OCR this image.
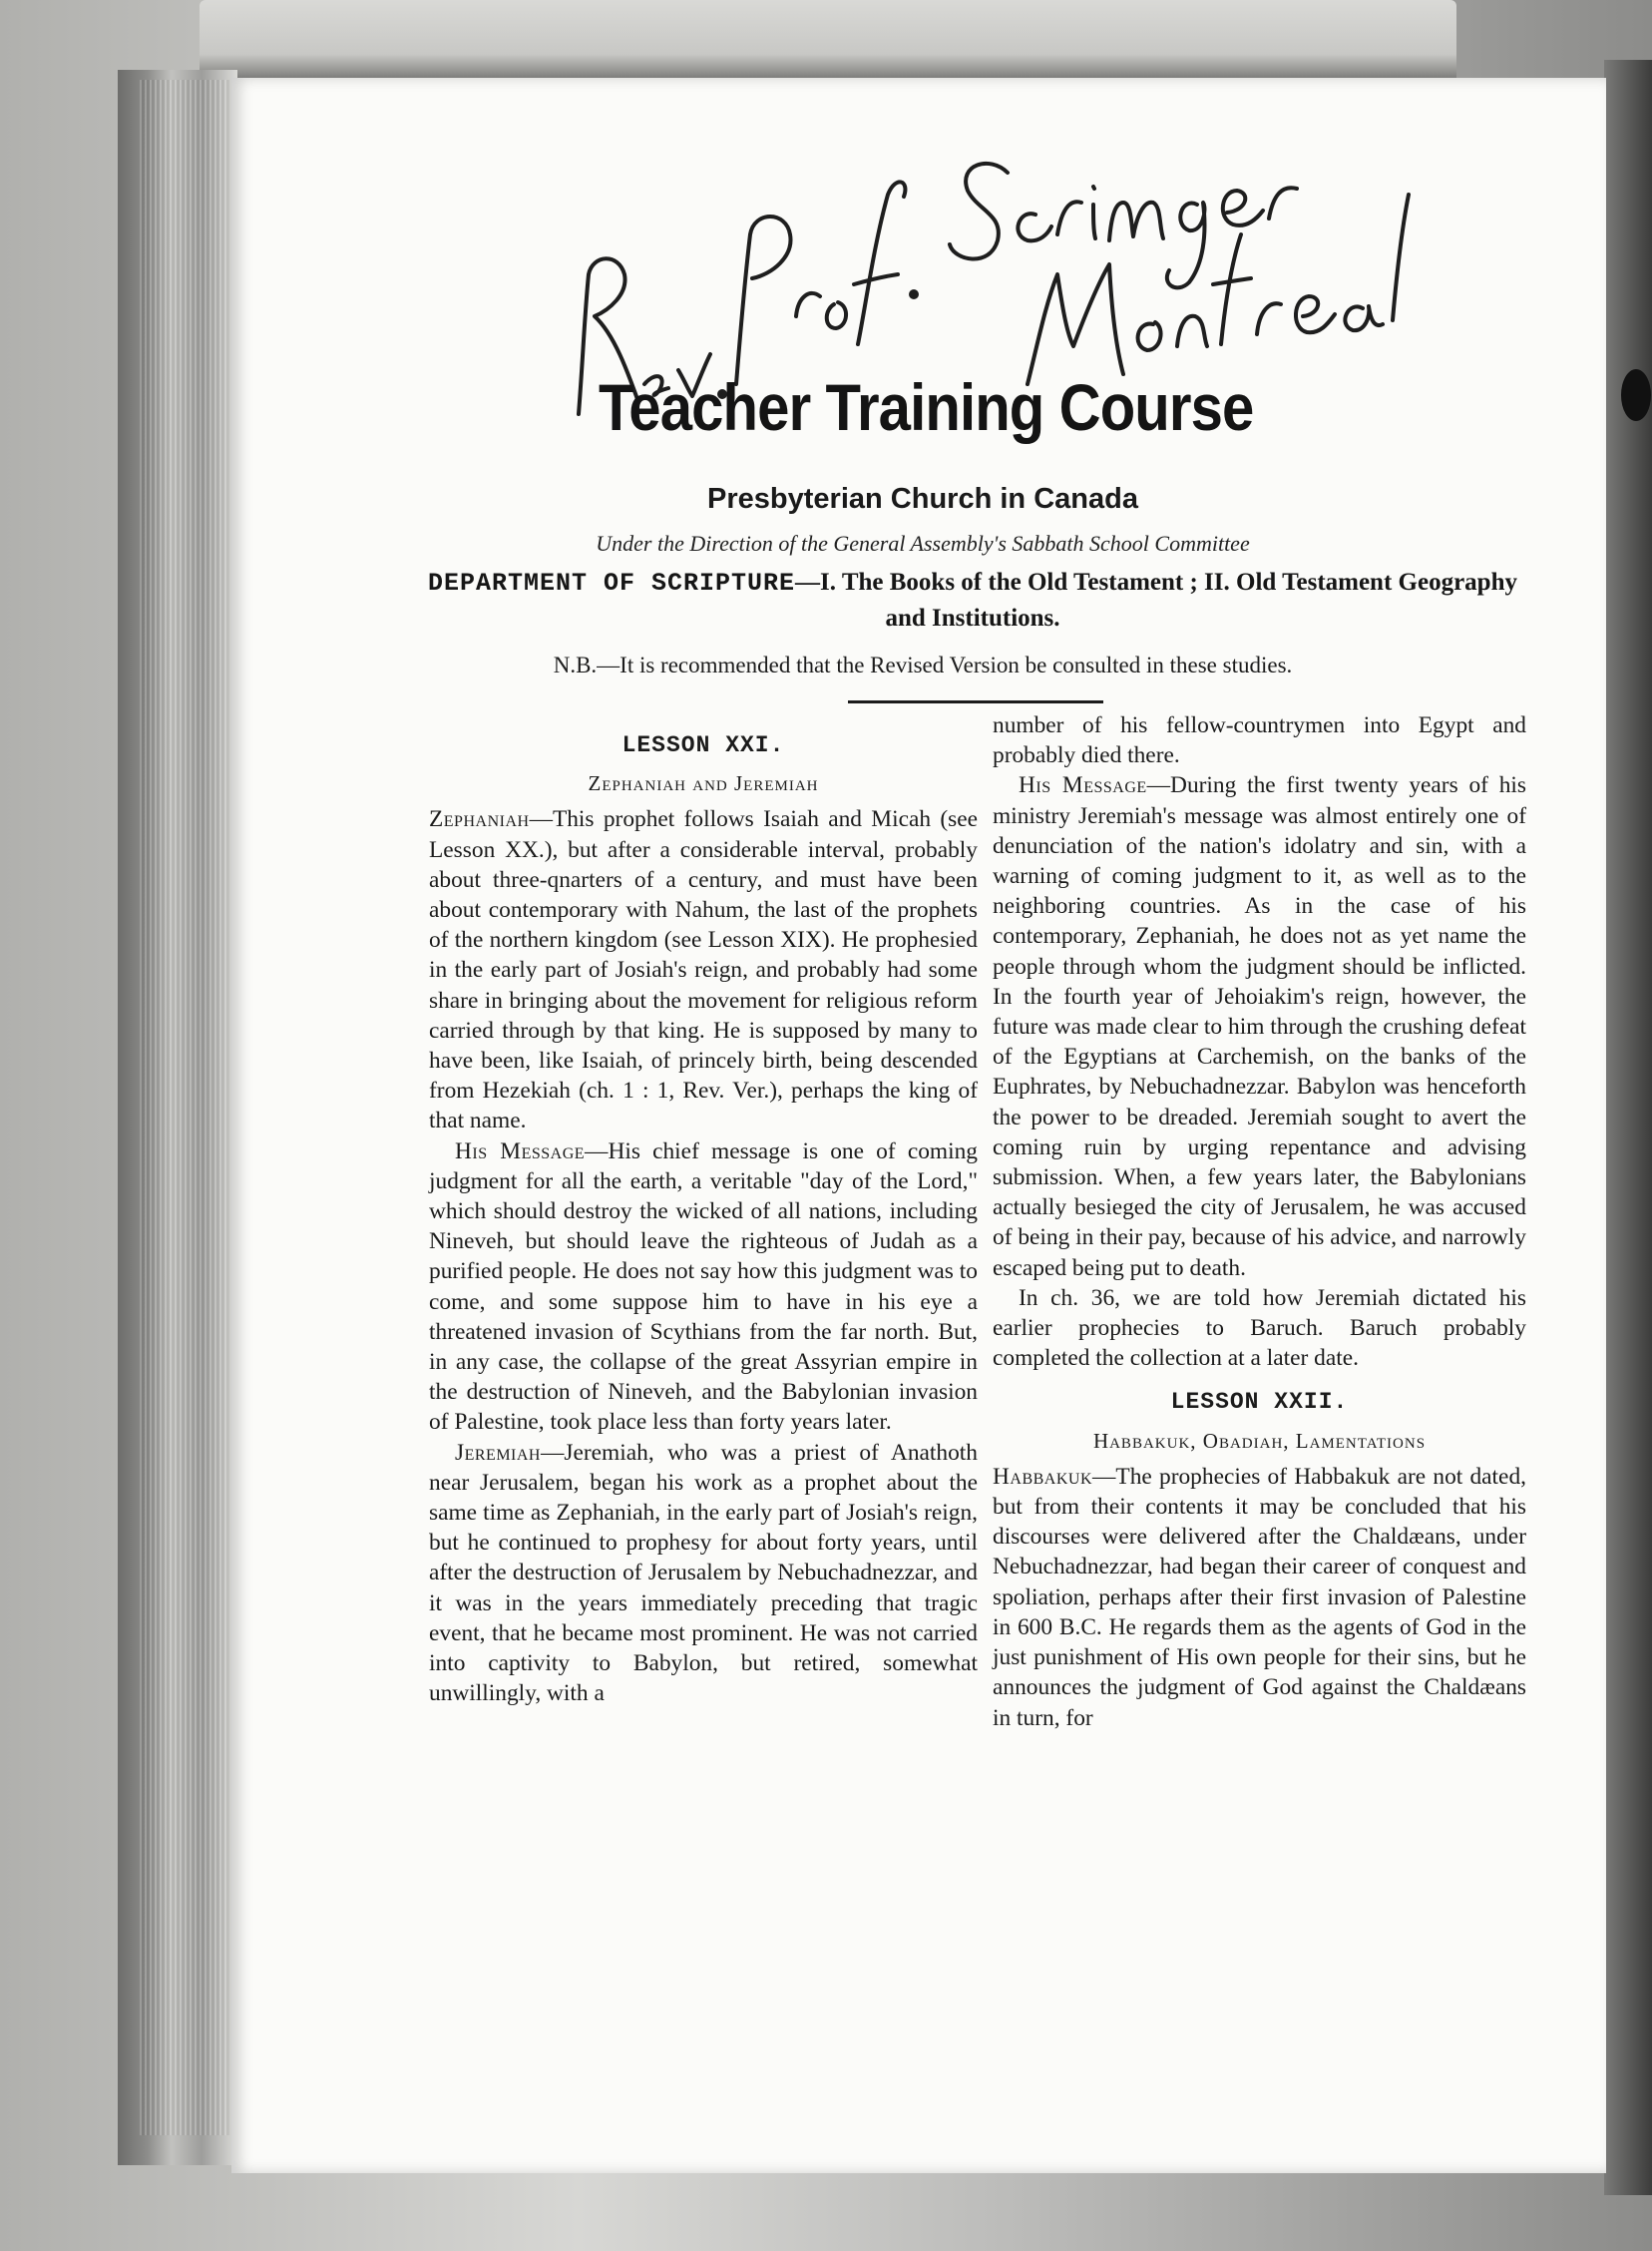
Teacher Training Course
Presbyterian Church in Canada
Under the Direction of the General Assembly's Sabbath School Committee
DEPARTMENT OF SCRIPTURE—I. The Books of the Old Testament ; II. Old Testament Geography and Institutions.
N.B.—It is recommended that the Revised Version be consulted in these studies.
LESSON XXI.
Zephaniah and Jeremiah

Zephaniah—This prophet follows Isaiah and Micah (see Lesson XX.), but after a considerable interval, probably about three-qnarters of a century, and must have been about contemporary with Nahum, the last of the prophets of the northern kingdom (see Lesson XIX). He prophesied in the early part of Josiah's reign, and probably had some share in bringing about the movement for religious reform carried through by that king. He is supposed by many to have been, like Isaiah, of princely birth, being descended from Hezekiah (ch. 1 : 1, Rev. Ver.), perhaps the king of that name.

His Message—His chief message is one of coming judgment for all the earth, a veritable "day of the Lord," which should destroy the wicked of all nations, including Nineveh, but should leave the righteous of Judah as a purified people. He does not say how this judgment was to come, and some suppose him to have in his eye a threatened invasion of Scythians from the far north. But, in any case, the collapse of the great Assyrian empire in the destruction of Nineveh, and the Babylonian invasion of Palestine, took place less than forty years later.

Jeremiah—Jeremiah, who was a priest of Anathoth near Jerusalem, began his work as a prophet about the same time as Zephaniah, in the early part of Josiah's reign, but he continued to prophesy for about forty years, until after the destruction of Jerusalem by Nebuchadnezzar, and it was in the years immediately preceding that tragic event, that he became most prominent. He was not carried into captivity to Babylon, but retired, somewhat unwillingly, with a

number of his fellow-countrymen into Egypt and probably died there.

His Message—During the first twenty years of his ministry Jeremiah's message was almost entirely one of denunciation of the nation's idolatry and sin, with a warning of coming judgment to it, as well as to the neighboring countries. As in the case of his contemporary, Zephaniah, he does not as yet name the people through whom the judgment should be inflicted. In the fourth year of Jehoiakim's reign, however, the future was made clear to him through the crushing defeat of the Egyptians at Carchemish, on the banks of the Euphrates, by Nebuchadnezzar. Babylon was henceforth the power to be dreaded. Jeremiah sought to avert the coming ruin by urging repentance and advising submission. When, a few years later, the Babylonians actually besieged the city of Jerusalem, he was accused of being in their pay, because of his advice, and narrowly escaped being put to death.

In ch. 36, we are told how Jeremiah dictated his earlier prophecies to Baruch. Baruch probably completed the collection at a later date.

LESSON XXII.
Habbakuk, Obadiah, Lamentations

Habbakuk—The prophecies of Habbakuk are not dated, but from their contents it may be concluded that his discourses were delivered after the Chaldæans, under Nebuchadnezzar, had began their career of conquest and spoliation, perhaps after their first invasion of Palestine in 600 B.C. He regards them as the agents of God in the just punishment of His own people for their sins, but he announces the judgment of God against the Chaldæans in turn, for
